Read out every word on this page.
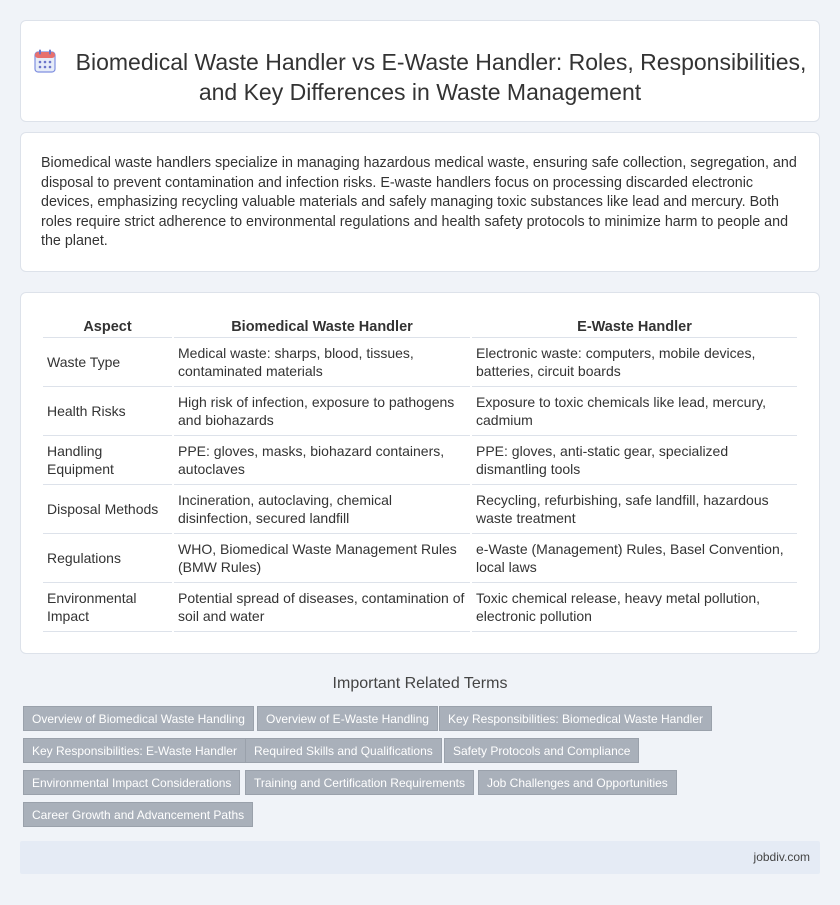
Biomedical Waste Handler vs E-Waste Handler: Roles, Responsibilities, and Key Differences in Waste Management

Biomedical waste handlers specialize in managing hazardous medical waste, ensuring safe collection, segregation, and disposal to prevent contamination and infection risks. E-waste handlers focus on processing discarded electronic devices, emphasizing recycling valuable materials and safely managing toxic substances like lead and mercury. Both roles require strict adherence to environmental regulations and health safety protocols to minimize harm to people and the planet.

Aspect	Biomedical Waste Handler	E-Waste Handler
Waste Type	Medical waste: sharps, blood, tissues, contaminated materials	Electronic waste: computers, mobile devices, batteries, circuit boards
Health Risks	High risk of infection, exposure to pathogens and biohazards	Exposure to toxic chemicals like lead, mercury, cadmium
Handling Equipment	PPE: gloves, masks, biohazard containers, autoclaves	PPE: gloves, anti-static gear, specialized dismantling tools
Disposal Methods	Incineration, autoclaving, chemical disinfection, secured landfill	Recycling, refurbishing, safe landfill, hazardous waste treatment
Regulations	WHO, Biomedical Waste Management Rules (BMW Rules)	e-Waste (Management) Rules, Basel Convention, local laws
Environmental Impact	Potential spread of diseases, contamination of soil and water	Toxic chemical release, heavy metal pollution, electronic pollution
Important Related Terms
Overview of Biomedical Waste Handling	Overview of E-Waste Handling	Key Responsibilities: Biomedical Waste Handler
Key Responsibilities: E-Waste Handler	Required Skills and Qualifications	Safety Protocols and Compliance
Environmental Impact Considerations	Training and Certification Requirements	Job Challenges and Opportunities
Career Growth and Advancement Paths
jobdiv.com
